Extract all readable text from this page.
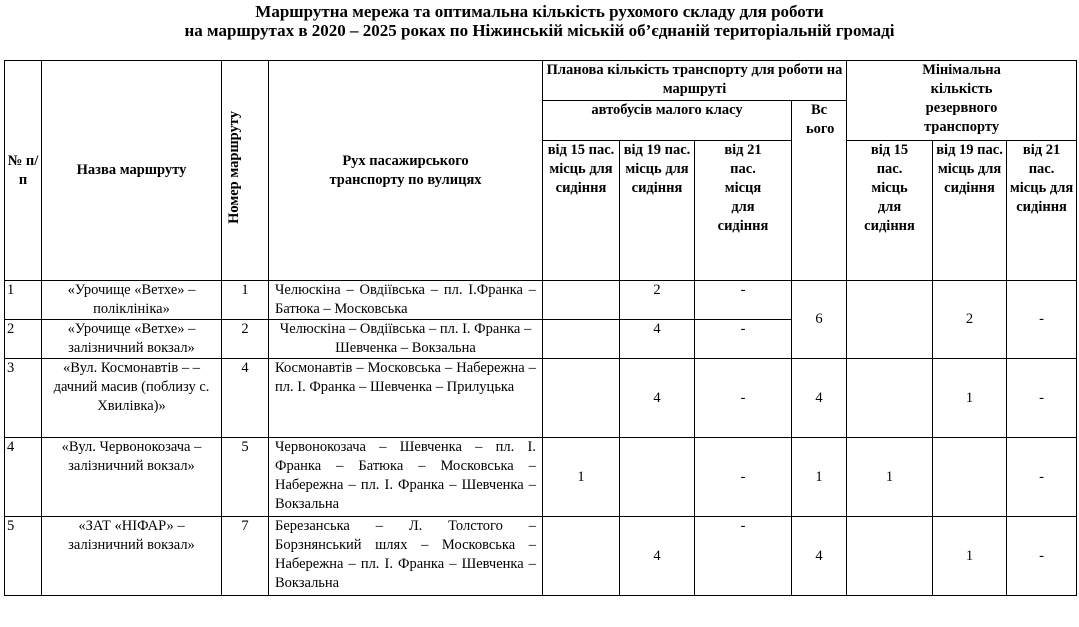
Маршрутна мережа та оптимальна кількість рухомого складу для роботи
на маршрутах в 2020 – 2025 роках по Ніжинській міській об’єднаній територіальній громаді
№ п/п	Назва маршруту	Номер маршруту	Рух пасажирського транспорту по вулицях	Планова кількість транспорту для роботи на маршруті				Мінімальна кількість резервного транспорту		
				автобусів малого класу			Вс ього			
				від 15 пас. місць для сидіння	від 19 пас. місць для сидіння	від 21 пас. місця для сидіння		від 15 пас. місць для сидіння	від 19 пас. місць для сидіння	від 21 пас. місць для сидіння
1	«Урочище «Ветхе» – поліклініка»	1	Челюскіна – Овдіївська – пл. І.Франка – Батюка – Московська		2	-	6		2	-
2	«Урочище «Ветхе» – залізничний вокзал»	2	Челюскіна – Овдіївська – пл. І. Франка – Шевченка – Вокзальна		4	-				
3	«Вул. Космонавтів – – дачний масив (поблизу с. Хвилівка)»	4	Космонавтів – Московська – Набережна – пл. І. Франка – Шевченка – Прилуцька		4	-	4		1	-
4	«Вул. Червонокозача – залізничний вокзал»	5	Червонокозача – Шевченка – пл. І. Франка – Батюка – Московська – Набережна – пл. І. Франка – Шевченка – Вокзальна	1		-	1	1		-
5	«ЗАТ «НІФАР» – залізничний вокзал»	7	Березанська – Л. Толстого – Борзнянський шлях – Московська – Набережна – пл. І. Франка – Шевченка – Вокзальна		4	-	4		1	-
